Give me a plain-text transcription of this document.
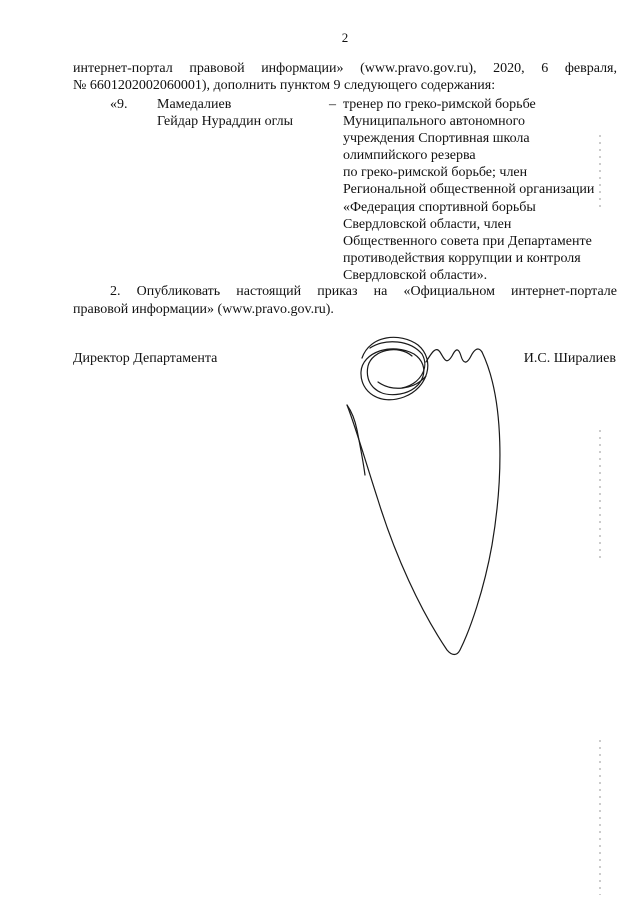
2
интернет-портал правовой информации» (www.pravo.gov.ru), 2020, 6 февраля,
№ 6601202002060001), дополнить пунктом 9 следующего содержания:
«9. Мамедалиев
Гейдар Нураддин оглы
– тренер по греко-римской борьбе
Муниципального автономного
учреждения Спортивная школа
олимпийского резерва
по греко-римской борьбе; член
Региональной общественной организации
«Федерация спортивной борьбы
Свердловской области, член
Общественного совета при Департаменте
противодействия коррупции и контроля
Свердловской области».
2. Опубликовать настоящий приказ на «Официальном интернет-портале
правовой информации» (www.pravo.gov.ru).
Директор Департамента	И.С. Ширалиев
